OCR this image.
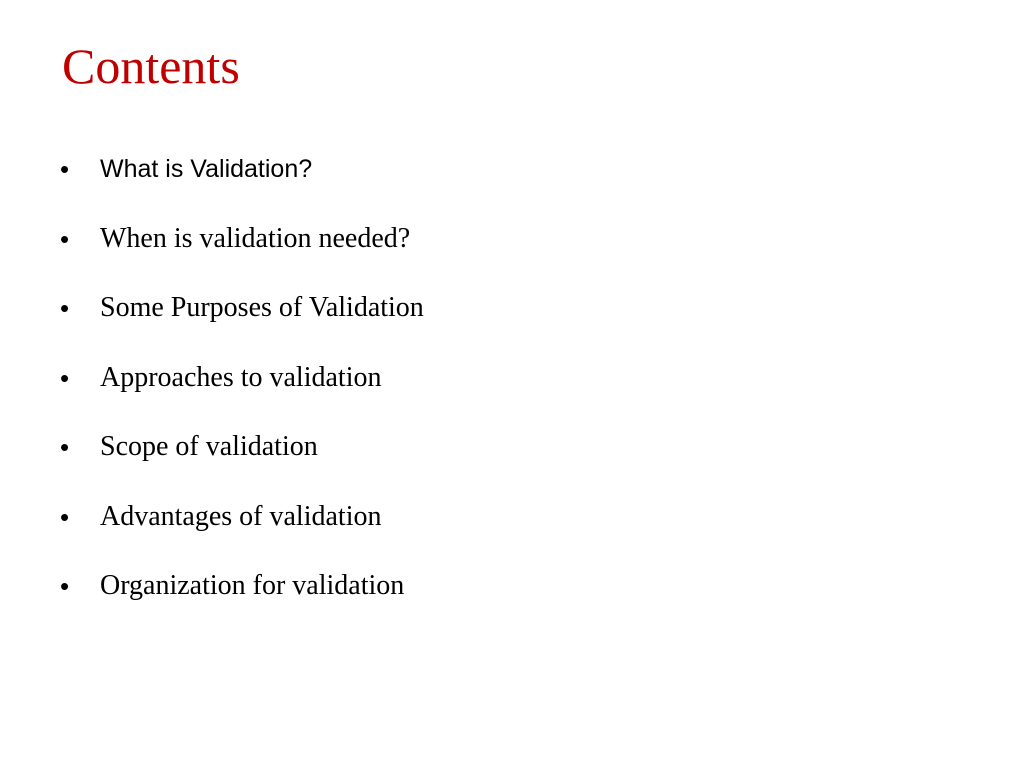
Contents
• What is Validation?
• When is validation needed?
• Some Purposes of Validation
• Approaches to validation
• Scope of validation
• Advantages of validation
• Organization for validation
